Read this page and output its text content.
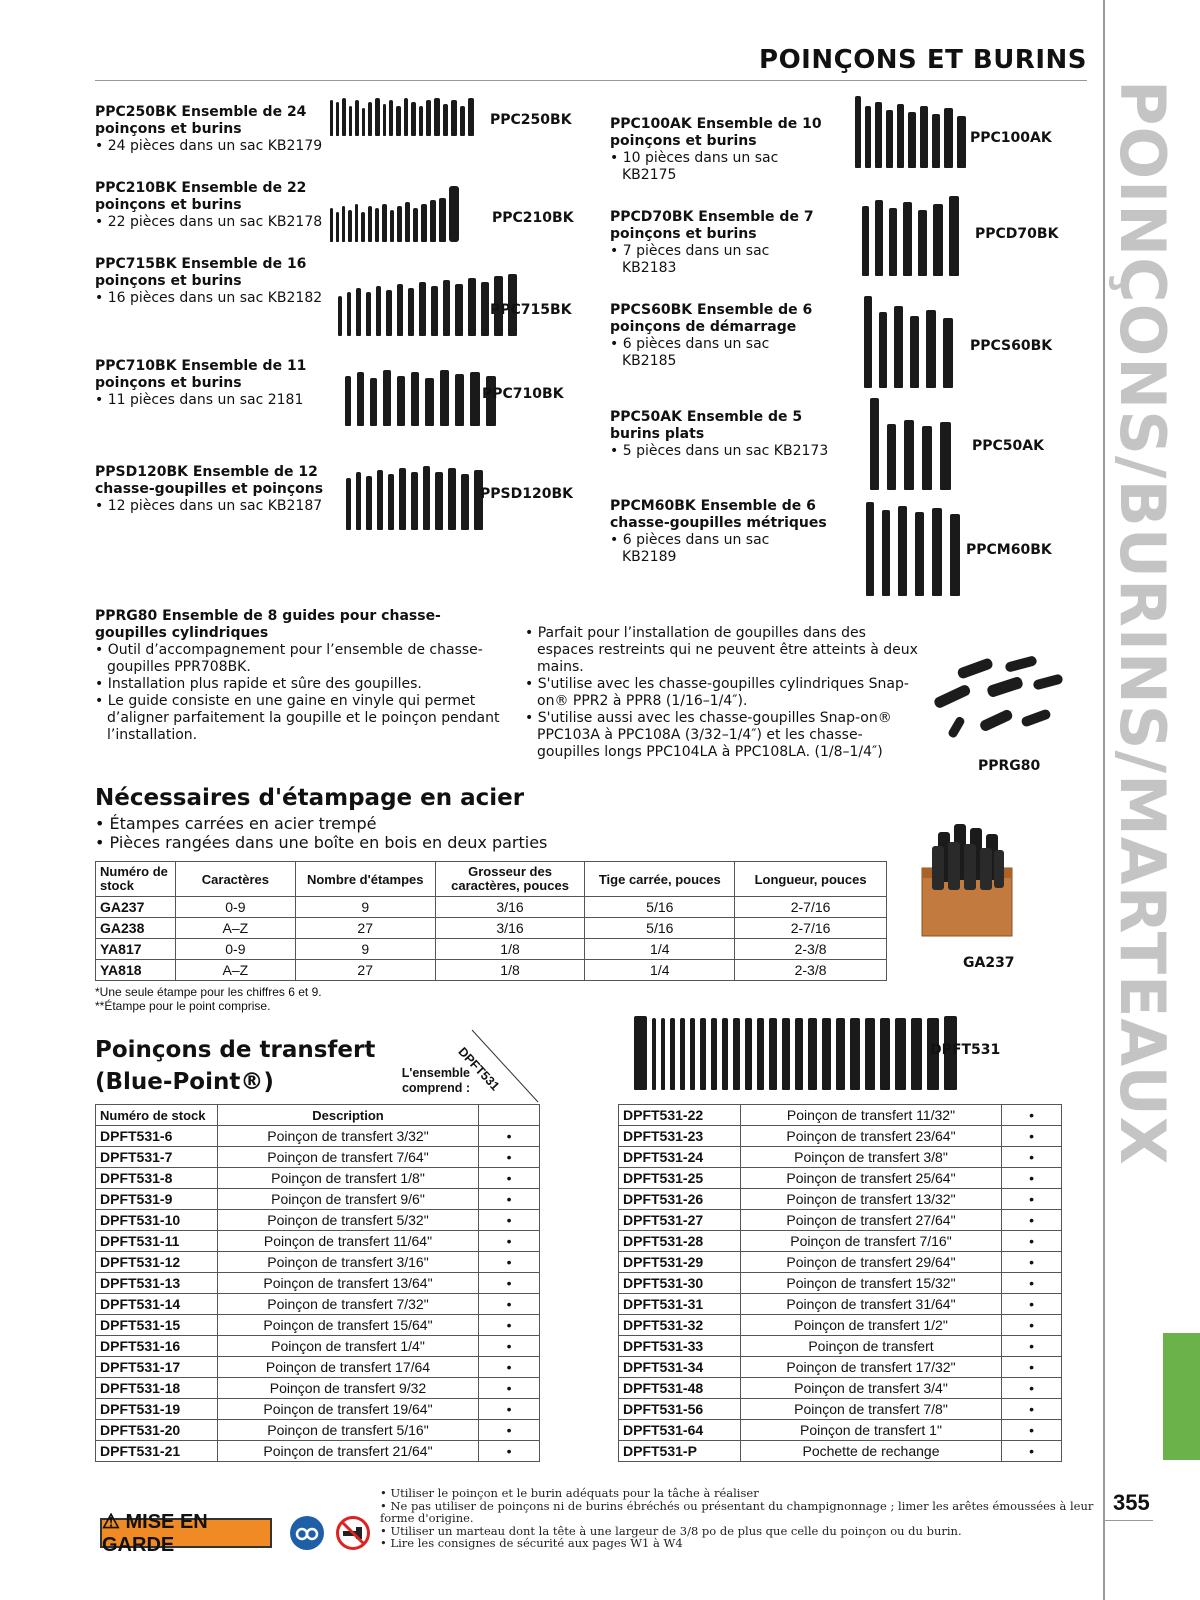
POINÇONS ET BURINS
POINÇONS/BURINS/MARTEAUX
355
PPC250BK Ensemble de 24 poinçons et burins
• 24 pièces dans un sac KB2179
PPC250BK
PPC210BK Ensemble de 22 poinçons et burins
• 22 pièces dans un sac KB2178	PPC210BK
PPC715BK Ensemble de 16 poinçons et burins
• 16 pièces dans un sac KB2182
PPC715BK
PPC710BK Ensemble de 11 poinçons et burins
• 11 pièces dans un sac 2181	PPC710BK
PPSD120BK Ensemble de 12 chasse-goupilles et poinçons
• 12 pièces dans un sac KB2187
PPSD120BK
PPC100AK Ensemble de 10 poinçons et burins
• 10 pièces dans un sac
KB2175
PPC100AK
PPCD70BK Ensemble de 7 poinçons et burins
• 7 pièces dans un sac
KB2183
PPCD70BK
PPCS60BK Ensemble de 6 poinçons de démarrage
• 6 pièces dans un sac
KB2185
PPCS60BK
PPC50AK Ensemble de 5 burins plats
• 5 pièces dans un sac KB2173	PPC50AK
PPCM60BK Ensemble de 6 chasse-goupilles métriques
• 6 pièces dans un sac
KB2189	PPCM60BK
PPRG80 Ensemble de 8 guides pour chasse-goupilles cylindriques
• Outil d’accompagnement pour l’ensemble de chasse-goupilles PPR708BK.
• Installation plus rapide et sûre des goupilles.
• Le guide consiste en une gaine en vinyle qui permet d’aligner parfaitement la goupille et le poinçon pendant l’installation.
• Parfait pour l’installation de goupilles dans des espaces restreints qui ne peuvent être atteints à deux mains.
• S'utilise avec les chasse-goupilles cylindriques Snap-on® PPR2 à PPR8 (1/16–1/4″).
• S'utilise aussi avec les chasse-goupilles Snap-on® PPC103A à PPC108A (3/32–1/4″) et les chasse-goupilles longs PPC104LA à PPC108LA. (1/8–1/4″)
PPRG80
Nécessaires d'étampage en acier
• Étampes carrées en acier trempé
• Pièces rangées dans une boîte en bois en deux parties
Numéro de stock	Caractères	Nombre d'étampes	Grosseur des caractères, pouces	Tige carrée, pouces	Longueur, pouces
GA237	0-9	9	3/16	5/16	2-7/16
GA238	A–Z	27	3/16	5/16	2-7/16
YA817	0-9	9	1/8	1/4	2-3/8
YA818	A–Z	27	1/8	1/4	2-3/8
*Une seule étampe pour les chiffres 6 et 9.
**Étampe pour le point comprise.
GA237
Poinçons de transfert
(Blue-Point®)	L'ensemble comprend :
DPFT531	DPFT531
Numéro de stock	Description	
DPFT531-6	Poinçon de transfert 3/32"	•
DPFT531-7	Poinçon de transfert 7/64"	•
DPFT531-8	Poinçon de transfert 1/8"	•
DPFT531-9	Poinçon de transfert 9/6"	•
DPFT531-10	Poinçon de transfert 5/32"	•
DPFT531-11	Poinçon de transfert 11/64"	•
DPFT531-12	Poinçon de transfert 3/16"	•
DPFT531-13	Poinçon de transfert 13/64"	•
DPFT531-14	Poinçon de transfert 7/32"	•
DPFT531-15	Poinçon de transfert 15/64"	•
DPFT531-16	Poinçon de transfert 1/4"	•
DPFT531-17	Poinçon de transfert 17/64	•
DPFT531-18	Poinçon de transfert 9/32	•
DPFT531-19	Poinçon de transfert 19/64"	•
DPFT531-20	Poinçon de transfert 5/16"	•
DPFT531-21	Poinçon de transfert 21/64"	•
DPFT531-22	Poinçon de transfert 11/32"	•
DPFT531-23	Poinçon de transfert 23/64"	•
DPFT531-24	Poinçon de transfert 3/8"	•
DPFT531-25	Poinçon de transfert 25/64"	•
DPFT531-26	Poinçon de transfert 13/32"	•
DPFT531-27	Poinçon de transfert 27/64"	•
DPFT531-28	Poinçon de transfert 7/16"	•
DPFT531-29	Poinçon de transfert 29/64"	•
DPFT531-30	Poinçon de transfert 15/32"	•
DPFT531-31	Poinçon de transfert 31/64"	•
DPFT531-32	Poinçon de transfert 1/2"	•
DPFT531-33	Poinçon de transfert	•
DPFT531-34	Poinçon de transfert 17/32"	•
DPFT531-48	Poinçon de transfert 3/4"	•
DPFT531-56	Poinçon de transfert 7/8"	•
DPFT531-64	Poinçon de transfert 1"	•
DPFT531-P	Pochette de rechange	•
⚠ MISE EN GARDE
• Utiliser le poinçon et le burin adéquats pour la tâche à réaliser
• Ne pas utiliser de poinçons ni de burins ébréchés ou présentant du champignonnage ; limer les arêtes émoussées à leur forme d'origine.
• Utiliser un marteau dont la tête à une largeur de 3/8 po de plus que celle du poinçon ou du burin.
• Lire les consignes de sécurité aux pages W1 à W4
